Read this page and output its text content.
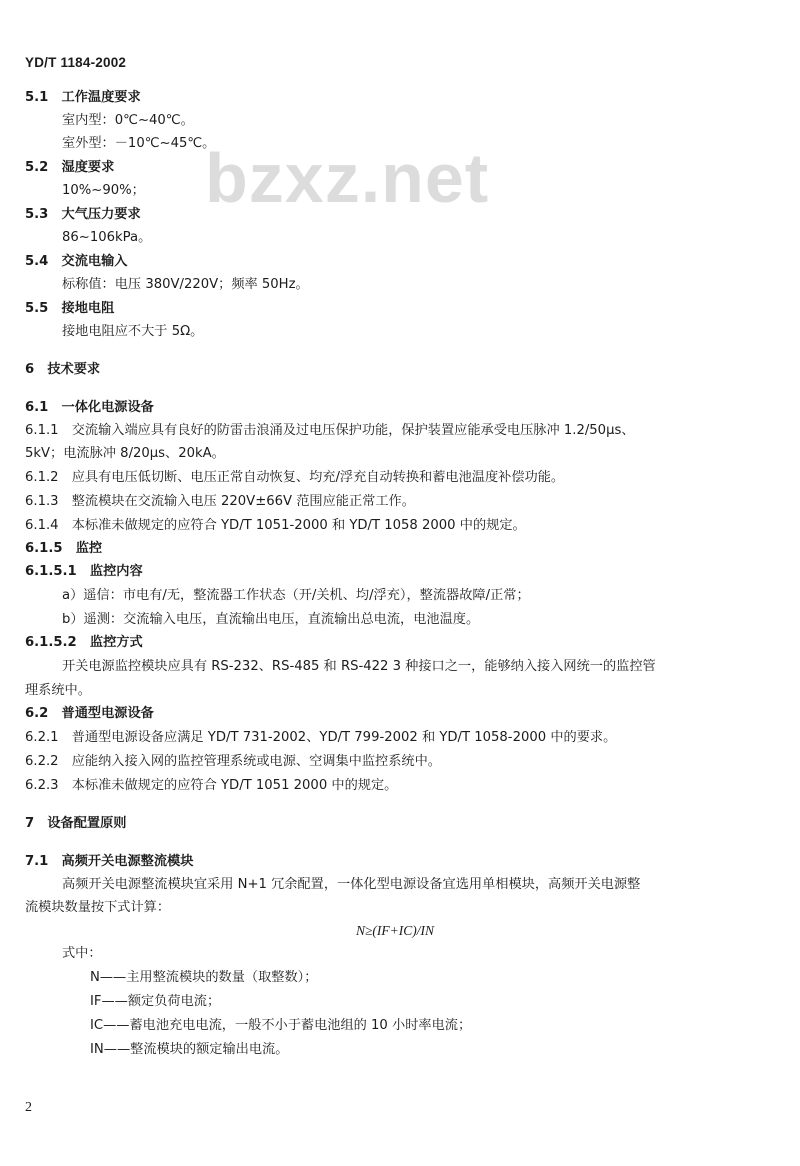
YD/T 1184-2002
bzxz.net
5.1　工作温度要求
室内型：0℃~40℃。
室外型：－10℃~45℃。
5.2　湿度要求
10%~90%；
5.3　大气压力要求
86~106kPa。
5.4　交流电输入
标称值：电压 380V/220V；频率 50Hz。
5.5　接地电阻
接地电阻应不大于 5Ω。
6　技术要求
6.1　一体化电源设备
6.1.1　交流输入端应具有良好的防雷击浪涌及过电压保护功能，保护装置应能承受电压脉冲 1.2/50μs、
5kV；电流脉冲 8/20μs、20kA。
6.1.2　应具有电压低切断、电压正常自动恢复、均充/浮充自动转换和蓄电池温度补偿功能。
6.1.3　整流模块在交流输入电压 220V±66V 范围应能正常工作。
6.1.4　本标准未做规定的应符合 YD/T 1051-2000 和 YD/T 1058 2000 中的规定。
6.1.5　监控
6.1.5.1　监控内容
a）遥信：市电有/无，整流器工作状态（开/关机、均/浮充），整流器故障/正常；
b）遥测：交流输入电压，直流输出电压，直流输出总电流，电池温度。
6.1.5.2　监控方式
开关电源监控模块应具有 RS-232、RS-485 和 RS-422 3 种接口之一，能够纳入接入网统一的监控管
理系统中。
6.2　普通型电源设备
6.2.1　普通型电源设备应满足 YD/T 731-2002、YD/T 799-2002 和 YD/T 1058-2000 中的要求。
6.2.2　应能纳入接入网的监控管理系统或电源、空调集中监控系统中。
6.2.3　本标准未做规定的应符合 YD/T 1051 2000 中的规定。
7　设备配置原则
7.1　高频开关电源整流模块
高频开关电源整流模块宜采用 N+1 冗余配置，一体化型电源设备宜选用单相模块，高频开关电源整
流模块数量按下式计算：
N≥(IF+IC)/IN
式中：
N——主用整流模块的数量（取整数）；
IF——额定负荷电流；
IC——蓄电池充电电流，一般不小于蓄电池组的 10 小时率电流；
IN——整流模块的额定输出电流。
2
